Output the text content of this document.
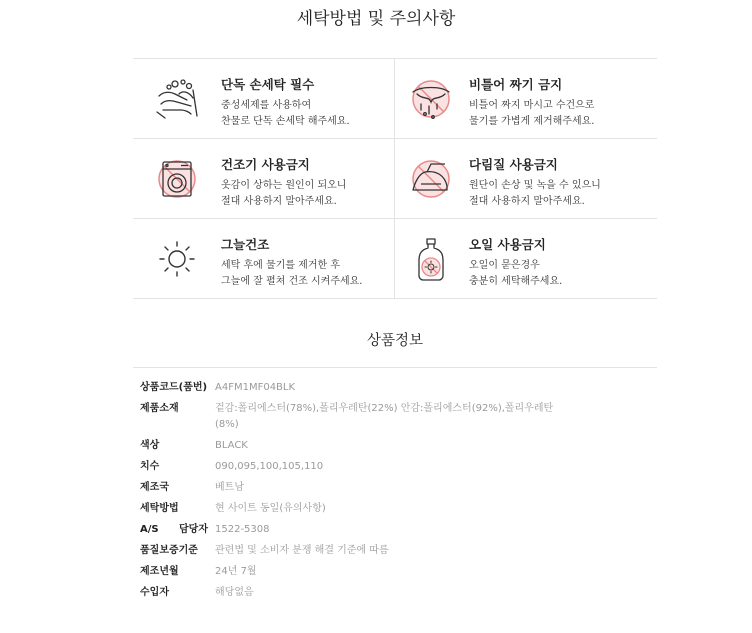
세탁방법 및 주의사항
단독 손세탁 필수
중성세제를 사용하여
찬물로 단독 손세탁 해주세요.
비틀어 짜기 금지
비틀어 짜지 마시고 수건으로
물기를 가볍게 제거해주세요.
건조기 사용금지
옷감이 상하는 원인이 되오니
절대 사용하지 말아주세요.
다림질 사용금지
원단이 손상 및 녹을 수 있으니
절대 사용하지 말아주세요.
그늘건조
세탁 후에 물기를 제거한 후
그늘에 잘 펼쳐 건조 시켜주세요.
오일 사용금지
오일이 묻은경우
충분히 세탁해주세요.
상품정보
상품코드(품번) A4FM1MF04BLK
제품소재	겉감:폴리에스터(78%),폴리우레탄(22%) 안감:폴리에스터(92%),폴리우레탄(8%)
색상	BLACK
치수	090,095,100,105,110
제조국	베트남
세탁방법	현 사이트 동일(유의사항)
A/S 담당자 1522-5308
품질보증기준	관련법 및 소비자 분쟁 해결 기준에 따름
제조년월	24년 7월
수입자	해당없음
